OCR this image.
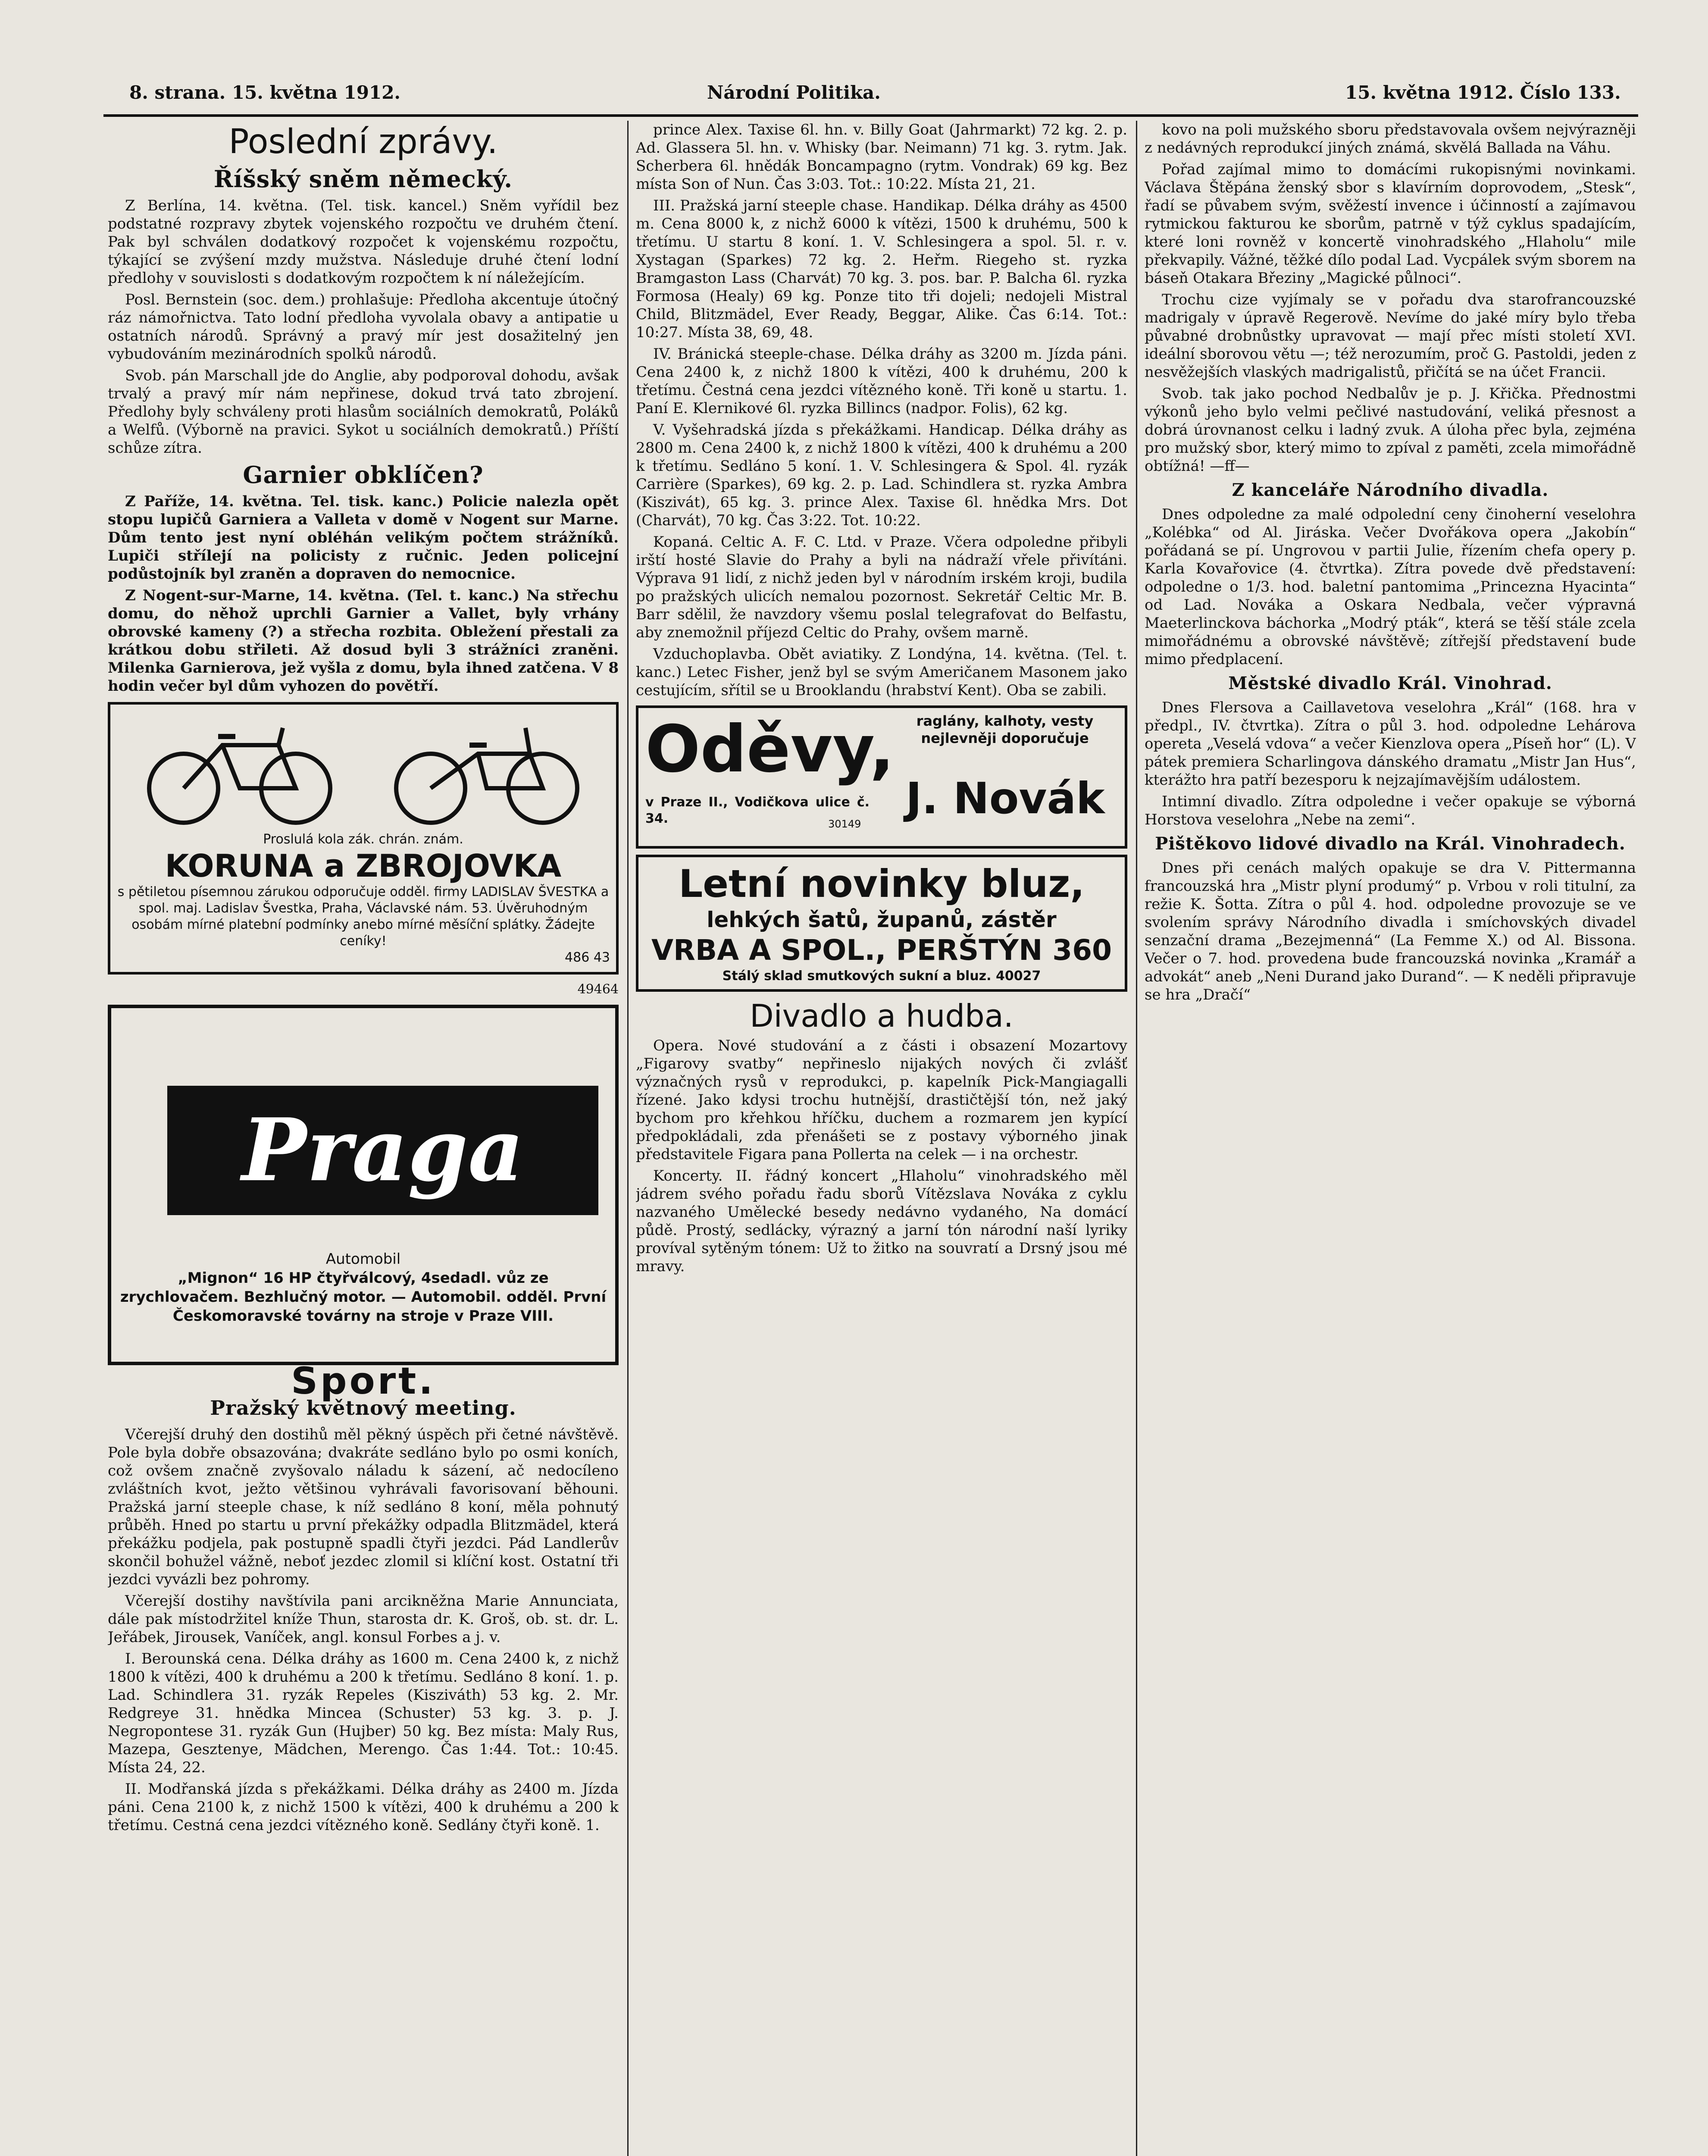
8. strana. 15. května 1912.	Národní Politika.	15. května 1912. Číslo 133.
Poslední zprávy.
Říšský sněm německý.

Z Berlína, 14. května. (Tel. tisk. kancel.) Sněm vyřídil bez podstatné rozpravy zbytek vojenského rozpočtu ve druhém čtení. Pak byl schválen dodatkový rozpočet k vojenskému rozpočtu, týkající se zvýšení mzdy mužstva. Následuje druhé čtení lodní předlohy v souvislosti s dodatkovým rozpočtem k ní náležejícím.

Posl. Bernstein (soc. dem.) prohlašuje: Předloha akcentuje útočný ráz námořnictva. Tato lodní předloha vyvolala obavy a antipatie u ostatních národů. Správný a pravý mír jest dosažitelný jen vybudováním mezinárodních spolků národů.

Svob. pán Marschall jde do Anglie, aby podporoval dohodu, avšak trvalý a pravý mír nám nepřinese, dokud trvá tato zbrojení. Předlohy byly schváleny proti hlasům sociálních demokratů, Poláků a Welfů. (Výborně na pravici. Sykot u sociálních demokratů.) Příští schůze zítra.

Garnier obklíčen?

Z Paříže, 14. května. Tel. tisk. kanc.) Policie nalezla opět stopu lupičů Garniera a Valleta v domě v Nogent sur Marne. Dům tento jest nyní obléhán velikým počtem strážníků. Lupiči střílejí na policisty z ručnic. Jeden policejní podůstojník byl zraněn a dopraven do nemocnice.

Z Nogent-sur-Marne, 14. května. (Tel. t. kanc.) Na střechu domu, do něhož uprchli Garnier a Vallet, byly vrhány obrovské kameny (?) a střecha rozbita. Obležení přestali za krátkou dobu střileti. Až dosud byli 3 strážníci zraněni. Milenka Garnierova, jež vyšla z domu, byla ihned zatčena. V 8 hodin večer byl dům vyhozen do povětří.

Proslulá kola zák. chrán. znám.
KORUNA a ZBROJOVKA
s pětiletou písemnou zárukou odporučuje odděl. firmy LADISLAV ŠVESTKA a spol. maj. Ladislav Švestka, Praha, Václavské nám. 53. Úvěruhodným osobám mírné platební podmínky anebo mírné měsíční splátky. Žádejte ceníky!
486 43
49464
Praga
Automobil
„Mignon“ 16 HP čtyřválcový, 4sedadl. vůz ze zrychlovačem. Bezhlučný motor. — Automobil. odděl. První Českomoravské továrny na stroje v Praze VIII.
Sport.
Pražský květnový meeting.

Včerejší druhý den dostihů měl pěkný úspěch při četné návštěvě. Pole byla dobře obsazována; dvakráte sedláno bylo po osmi koních, což ovšem značně zvyšovalo náladu k sázení, ač nedocíleno zvláštních kvot, ježto většinou vyhrávali favorisovaní běhouni. Pražská jarní steeple chase, k níž sedláno 8 koní, měla pohnutý průběh. Hned po startu u první překážky odpadla Blitzmädel, která překážku podjela, pak postupně spadli čtyři jezdci. Pád Landlerův skončil bohužel vážně, neboť jezdec zlomil si klíční kost. Ostatní tři jezdci vyvázli bez pohromy.

Včerejší dostihy navštívila pani arcikněžna Marie Annunciata, dále pak místodržitel kníže Thun, starosta dr. K. Groš, ob. st. dr. L. Jeřábek, Jirousek, Vaníček, angl. konsul Forbes a j. v.

I. Berounská cena. Délka dráhy as 1600 m. Cena 2400 k, z nichž 1800 k vítězi, 400 k druhému a 200 k třetímu. Sedláno 8 koní. 1. p. Lad. Schindlera 31. ryzák Repeles (Kisziváth) 53 kg. 2. Mr. Redgreye 31. hnědka Mincea (Schuster) 53 kg. 3. p. J. Negropontese 31. ryzák Gun (Hujber) 50 kg. Bez místa: Maly Rus, Mazepa, Gesztenye, Mädchen, Merengo. Čas 1:44. Tot.: 10:45. Místa 24, 22.

II. Modřanská jízda s překážkami. Délka dráhy as 2400 m. Jízda páni. Cena 2100 k, z nichž 1500 k vítězi, 400 k druhému a 200 k třetímu. Cestná cena jezdci vítězného koně. Sedlány čtyři koně. 1.

prince Alex. Taxise 6l. hn. v. Billy Goat (Jahrmarkt) 72 kg. 2. p. Ad. Glassera 5l. hn. v. Whisky (bar. Neimann) 71 kg. 3. rytm. Jak. Scherbera 6l. hnědák Boncampagno (rytm. Vondrak) 69 kg. Bez místa Son of Nun. Čas 3:03. Tot.: 10:22. Místa 21, 21.

III. Pražská jarní steeple chase. Handikap. Délka dráhy as 4500 m. Cena 8000 k, z nichž 6000 k vítězi, 1500 k druhému, 500 k třetímu. U startu 8 koní. 1. V. Schlesingera a spol. 5l. r. v. Xystagan (Sparkes) 72 kg. 2. Heřm. Riegeho st. ryzka Bramgaston Lass (Charvát) 70 kg. 3. pos. bar. P. Balcha 6l. ryzka Formosa (Healy) 69 kg. Ponze tito tři dojeli; nedojeli Mistral Child, Blitzmädel, Ever Ready, Beggar, Alike. Čas 6:14. Tot.: 10:27. Místa 38, 69, 48.

IV. Bránická steeple-chase. Délka dráhy as 3200 m. Jízda páni. Cena 2400 k, z nichž 1800 k vítězi, 400 k druhému, 200 k třetímu. Čestná cena jezdci vítězného koně. Tři koně u startu. 1. Paní E. Klernikové 6l. ryzka Billincs (nadpor. Folis), 62 kg.

V. Vyšehradská jízda s překážkami. Handicap. Délka dráhy as 2800 m. Cena 2400 k, z nichž 1800 k vítězi, 400 k druhému a 200 k třetímu. Sedláno 5 koní. 1. V. Schlesingera & Spol. 4l. ryzák Carrière (Sparkes), 69 kg. 2. p. Lad. Schindlera st. ryzka Ambra (Kiszivát), 65 kg. 3. prince Alex. Taxise 6l. hnědka Mrs. Dot (Charvát), 70 kg. Čas 3:22. Tot. 10:22.

Kopaná. Celtic A. F. C. Ltd. v Praze. Včera odpoledne přibyli irští hosté Slavie do Prahy a byli na nádraží vřele přivítáni. Výprava 91 lidí, z nichž jeden byl v národním irském kroji, budila po pražských ulicích nemalou pozornost. Sekretář Celtic Mr. B. Barr sdělil, že navzdory všemu poslal telegrafovat do Belfastu, aby znemožnil příjezd Celtic do Prahy, ovšem marně.

Vzduchoplavba. Obět aviatiky. Z Londýna, 14. května. (Tel. t. kanc.) Letec Fisher, jenž byl se svým Američanem Masonem jako cestujícím, sřítil se u Brooklandu (hrabství Kent). Oba se zabili.

Oděvy,	raglány, kalhoty, vesty nejlevněji doporučuje
J. Novák
v Praze II., Vodičkova ulice č. 34.	30149
Letní novinky bluz,
lehkých šatů, županů, zástěr
VRBA A SPOL., PERŠTÝN 360
Stálý sklad smutkových sukní a bluz. 40027
Divadlo a hudba.

Opera. Nové studování a z části i obsazení Mozartovy „Figarovy svatby“ nepřineslo nijakých nových či zvlášť význačných rysů v reprodukci, p. kapelník Pick-Mangiagalli řízené. Jako kdysi trochu hutnější, drastičtější tón, než jaký bychom pro křehkou hříčku, duchem a rozmarem jen kypící předpokládali, zda přenášeti se z postavy výborného jinak představitele Figara pana Pollerta na celek — i na orchestr.

Koncerty. II. řádný koncert „Hlaholu“ vinohradského měl jádrem svého pořadu řadu sborů Vítězslava Nováka z cyklu nazvaného Umělecké besedy nedávno vydaného, Na domácí půdě. Prostý, sedlácky, výrazný a jarní tón národní naší lyriky províval sytěným tónem: Už to žitko na souvratí a Drsný jsou mé mravy.

kovo na poli mužského sboru představovala ovšem nejvýrazněji z nedávných reprodukcí jiných známá, skvělá Ballada na Váhu.

Pořad zajímal mimo to domácími rukopisnými novinkami. Václava Štěpána ženský sbor s klavírním doprovodem, „Stesk“, řadí se půvabem svým, svěžestí invence i účinností a zajímavou rytmickou fakturou ke sborům, patrně v týž cyklus spadajícím, které loni rovněž v koncertě vinohradského „Hlaholu“ mile překvapily. Vážné, těžké dílo podal Lad. Vycpálek svým sborem na báseň Otakara Březiny „Magické půlnoci“.

Trochu cize vyjímaly se v pořadu dva starofrancouzské madrigaly v úpravě Regerově. Nevíme do jaké míry bylo třeba půvabné drobnůstky upravovat — mají přec místi století XVI. ideální sborovou větu —; též nerozumím, proč G. Pastoldi, jeden z nesvěžejších vlaských madrigalistů, přičítá se na účet Francii.

Svob. tak jako pochod Nedbalův je p. J. Křička. Přednostmi výkonů jeho bylo velmi pečlivé nastudování, veliká přesnost a dobrá úrovnanost celku i ladný zvuk. A úloha přec byla, zejména pro mužský sbor, který mimo to zpíval z paměti, zcela mimořádně obtížná! —ff—

Z kanceláře Národního divadla.

Dnes odpoledne za malé odpolední ceny činoherní veselohra „Kolébka“ od Al. Jiráska. Večer Dvořákova opera „Jakobín“ pořádaná se pí. Ungrovou v partii Julie, řízením chefa opery p. Karla Kovařovice (4. čtvrtka). Zítra povede dvě představení: odpoledne o 1/3. hod. baletní pantomima „Princezna Hyacinta“ od Lad. Nováka a Oskara Nedbala, večer výpravná Maeterlinckova báchorka „Modrý pták“, která se těší stále zcela mimořádnému a obrovské návštěvě; zítřejší představení bude mimo předplacení.

Městské divadlo Král. Vinohrad.

Dnes Flersova a Caillavetova veselohra „Král“ (168. hra v předpl., IV. čtvrtka). Zítra o půl 3. hod. odpoledne Lehárova opereta „Veselá vdova“ a večer Kienzlova opera „Píseň hor“ (L). V pátek premiera Scharlingova dánského dramatu „Mistr Jan Hus“, kterážto hra patří bezesporu k nejzajímavějším událostem.

Intimní divadlo. Zítra odpoledne i večer opakuje se výborná Horstova veselohra „Nebe na zemi“.

Pištěkovo lidové divadlo na Král. Vinohradech.

Dnes při cenách malých opakuje se dra V. Pittermanna francouzská hra „Mistr plyní produmý“ p. Vrbou v roli titulní, za režie K. Šotta. Zítra o půl 4. hod. odpoledne provozuje se ve svolením správy Národního divadla i smíchovských divadel senzační drama „Bezejmenná“ (La Femme X.) od Al. Bissona. Večer o 7. hod. provedena bude francouzská novinka „Kramář a advokát“ aneb „Neni Durand jako Durand“. — K neděli připravuje se hra „Dračí“
